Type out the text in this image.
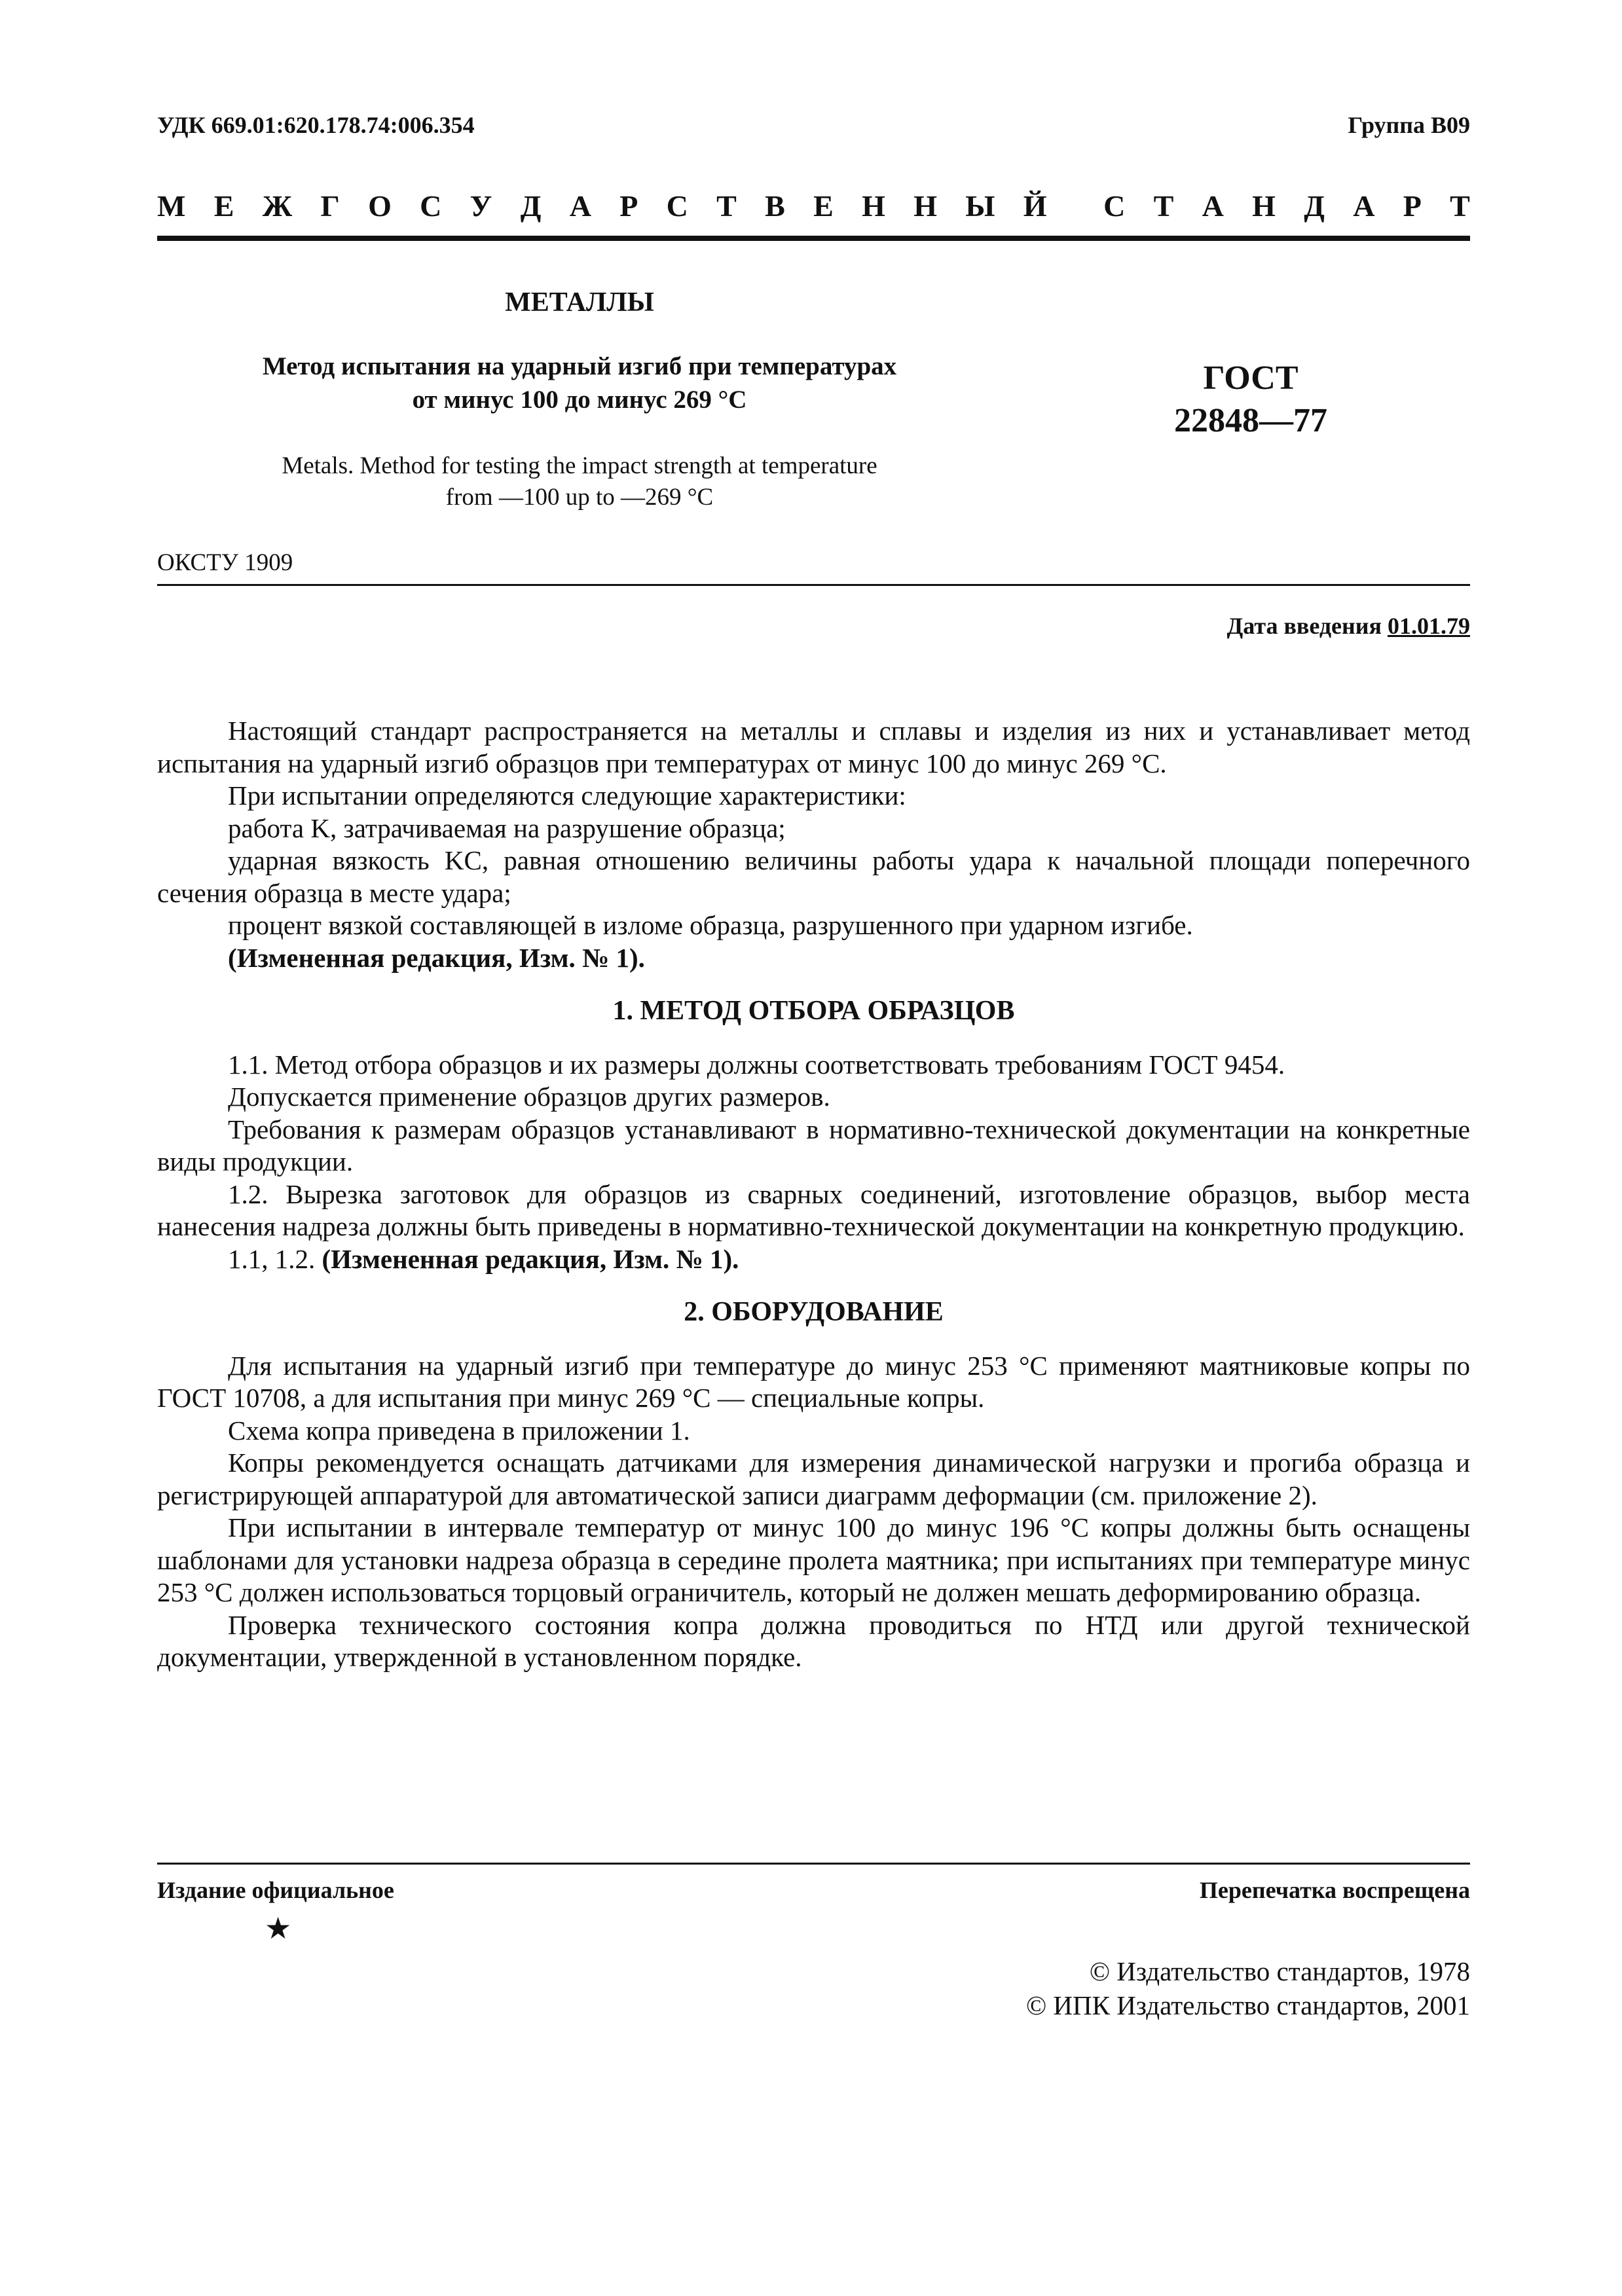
УДК 669.01:620.178.74:006.354	Группа В09
М Е Ж Г О С У Д А Р С Т В Е Н Н Ы Й С Т А Н Д А Р Т
МЕТАЛЛЫ
Метод испытания на ударный изгиб при температурах
от минус 100 до минус 269 °С
ГОСТ
22848—77
Metals. Method for testing the impact strength at temperature
from —100 up to —269 °С
ОКСТУ 1909
Дата введения 01.01.79

Настоящий стандарт распространяется на металлы и сплавы и изделия из них и устанавливает метод испытания на ударный изгиб образцов при температурах от минус 100 до минус 269 °С.

При испытании определяются следующие характеристики:

работа K, затрачиваемая на разрушение образца;

ударная вязкость KC, равная отношению величины работы удара к начальной площади поперечного сечения образца в месте удара;

процент вязкой составляющей в изломе образца, разрушенного при ударном изгибе.

(Измененная редакция, Изм. № 1).

1. МЕТОД ОТБОРА ОБРАЗЦОВ

1.1. Метод отбора образцов и их размеры должны соответствовать требованиям ГОСТ 9454.

Допускается применение образцов других размеров.

Требования к размерам образцов устанавливают в нормативно-технической документации на конкретные виды продукции.

1.2. Вырезка заготовок для образцов из сварных соединений, изготовление образцов, выбор места нанесения надреза должны быть приведены в нормативно-технической документации на конкретную продукцию.

1.1, 1.2. (Измененная редакция, Изм. № 1).

2. ОБОРУДОВАНИЕ

Для испытания на ударный изгиб при температуре до минус 253 °С применяют маятниковые копры по ГОСТ 10708, а для испытания при минус 269 °С — специальные копры.

Схема копра приведена в приложении 1.

Копры рекомендуется оснащать датчиками для измерения динамической нагрузки и прогиба образца и регистрирующей аппаратурой для автоматической записи диаграмм деформации (см. приложение 2).

При испытании в интервале температур от минус 100 до минус 196 °С копры должны быть оснащены шаблонами для установки надреза образца в середине пролета маятника; при испытаниях при температуре минус 253 °С должен использоваться торцовый ограничитель, который не должен мешать деформированию образца.

Проверка технического состояния копра должна проводиться по НТД или другой технической документации, утвержденной в установленном порядке.

Издание официальное	Перепечатка воспрещена
★
© Издательство стандартов, 1978
© ИПК Издательство стандартов, 2001
